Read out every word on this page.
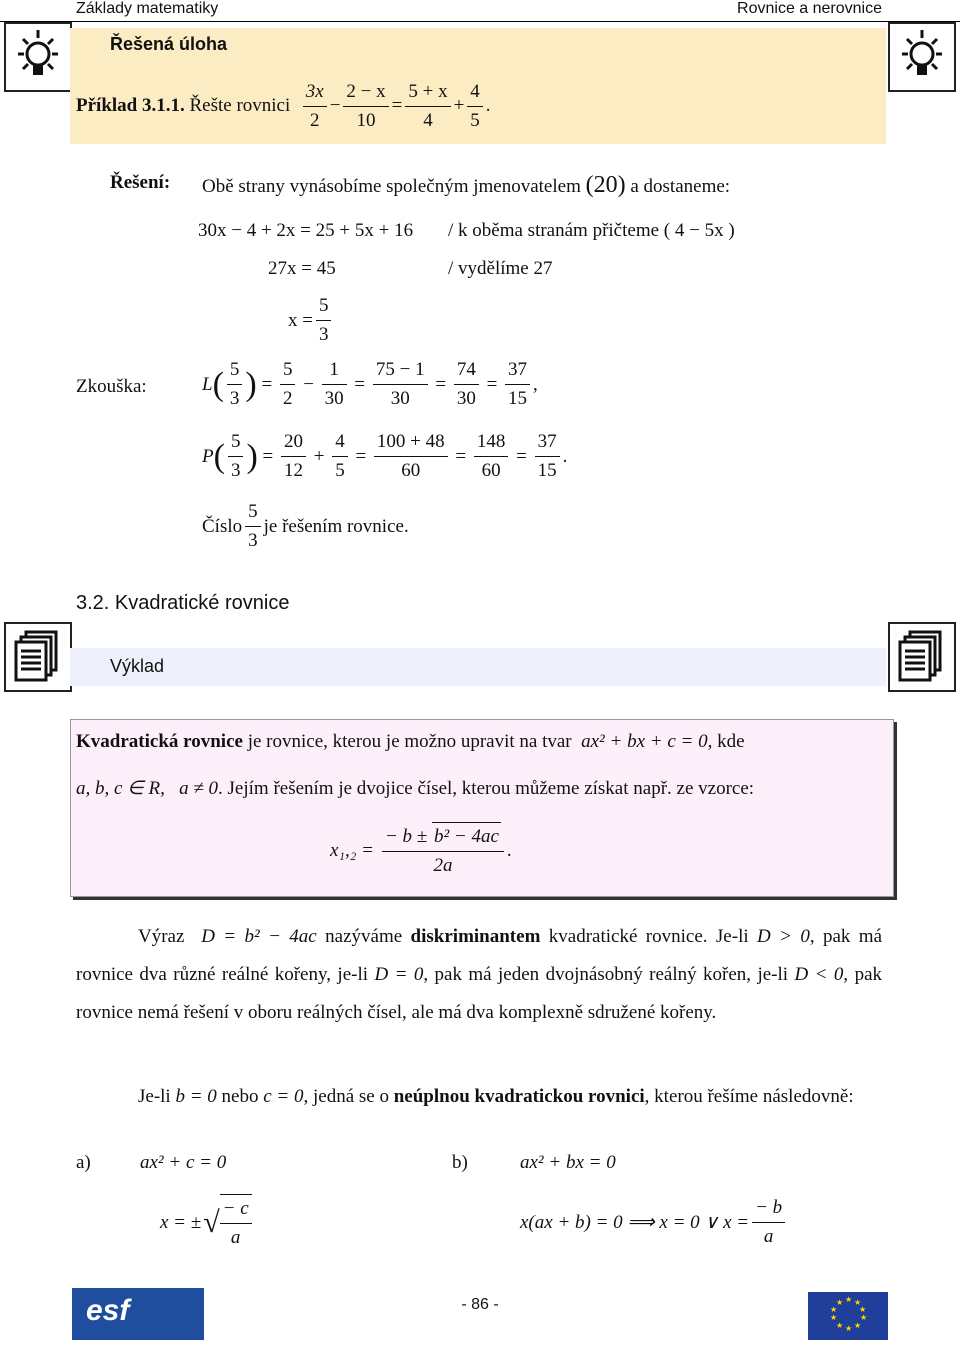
Základy matematiky	Rovnice a nerovnice
Řešená úloha
Příklad 3.1.1.
Řešte rovnici

3x
2
− $\frac{2 - x}{10} = \frac{5 + x}{4} + \frac{4}{5}$ .
Řešení: Obě strany vynásobíme společným jmenovatelem (20) a dostaneme:
30x − 4 + 2x = 25 + 5x + 16 / k oběma stranám přičteme ( 4 − 5x )
27x = 45	/ vydělíme 27
$x = \frac{5}{3}$
Zkouška:	L ( 5
3 ) =
5
2
−
1
30
=
75 − 1
30
=
74
30
=
37
15
,
P ( 5
3 ) =
20
12
+
4
5
=
100 + 48
60
=
148
60
=
37
15
.
Číslo
5
3
je řešením rovnice.
3.2. Kvadratické rovnice
Výklad
Kvadratická rovnice je rovnice, kterou je možno upravit na tvar ax² + bx + c = 0, kde
a, b, c ∈ R, a ≠ 0. Jejím řešením je dvojice čísel, kterou můžeme získat např. ze vzorce:
$x_1,_2 = \frac{\text{− b ± b² − 4ac}}{2a}$ .
Výraz D = b² − 4ac nazýváme diskriminantem kvadratické rovnice. Je-li D > 0, pak má rovnice dva různé reálné kořeny, je-li D = 0, pak má jeden dvojnásobný reálný kořen, je-li D < 0, pak rovnice nemá řešení v oboru reálných čísel, ale má dva komplexně sdružené kořeny.
Je-li b = 0 nebo c = 0, jedná se o neúplnou kvadratickou rovnici, kterou řešíme následovně:
a)	ax² + c = 0	b)	ax² + bx = 0
x = ± √ − c
a
x(ax + b) = 0 ⟹ x = 0 ∨ $x = \frac{- b}{a}$
esf	- 86 -	★ ★
★
★
★
★
★
★
★
★
